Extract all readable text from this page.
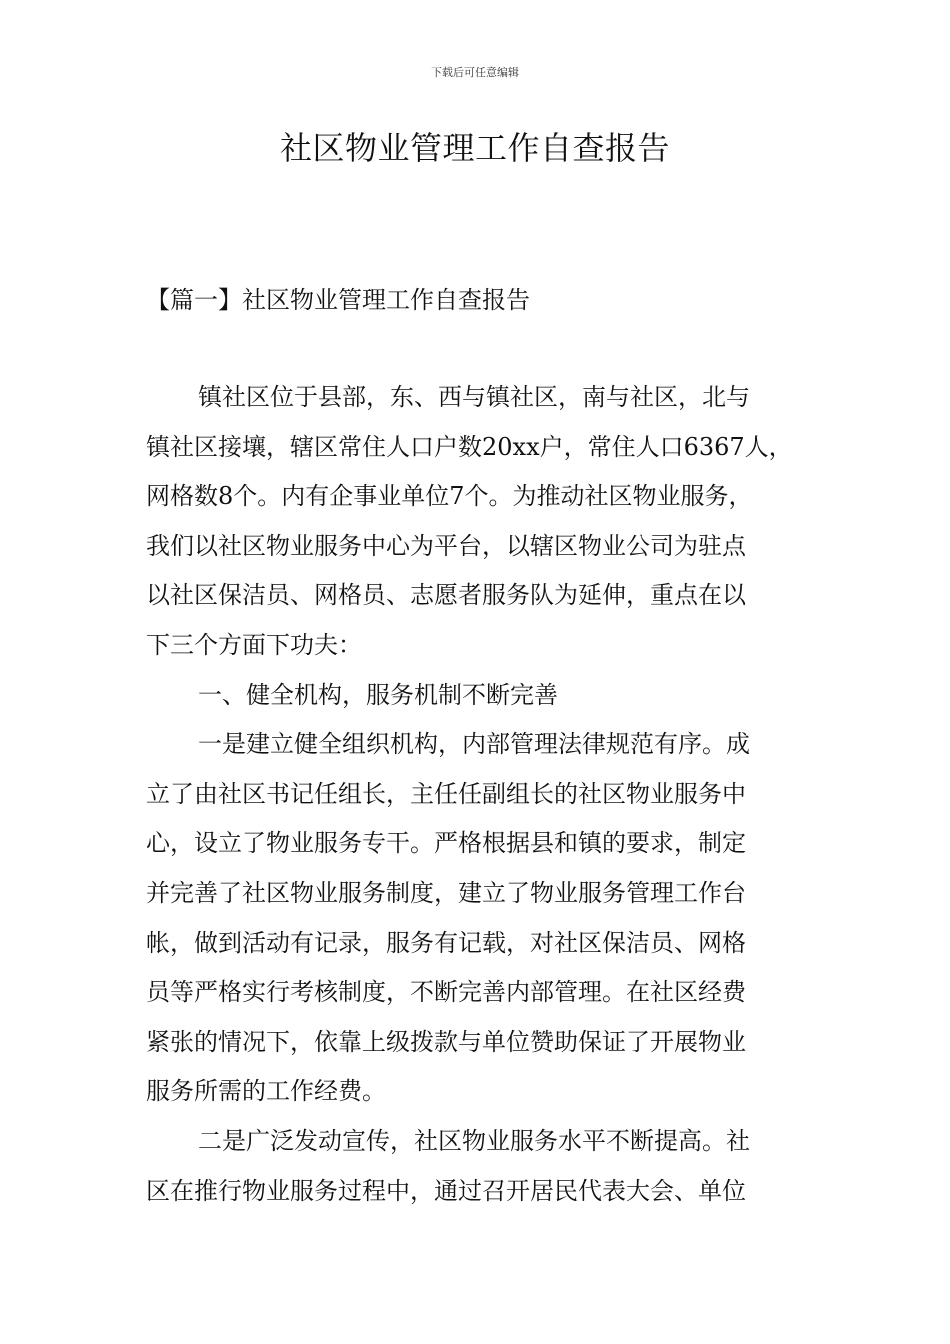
下载后可任意编辑
社区物业管理工作自查报告
【篇一】社区物业管理工作自查报告
镇社区位于县部，东、西与镇社区，南与社区，北与
镇社区接壤，辖区常住人口户数20xx户，常住人口6367人，
网格数8个。内有企事业单位7个。为推动社区物业服务，
我们以社区物业服务中心为平台，以辖区物业公司为驻点
以社区保洁员、网格员、志愿者服务队为延伸，重点在以
下三个方面下功夫：
一、健全机构，服务机制不断完善
一是建立健全组织机构，内部管理法律规范有序。成
立了由社区书记任组长，主任任副组长的社区物业服务中
心，设立了物业服务专干。严格根据县和镇的要求，制定
并完善了社区物业服务制度，建立了物业服务管理工作台
帐，做到活动有记录，服务有记载，对社区保洁员、网格
员等严格实行考核制度，不断完善内部管理。在社区经费
紧张的情况下，依靠上级拨款与单位赞助保证了开展物业
服务所需的工作经费。
二是广泛发动宣传，社区物业服务水平不断提高。社
区在推行物业服务过程中，通过召开居民代表大会、单位
